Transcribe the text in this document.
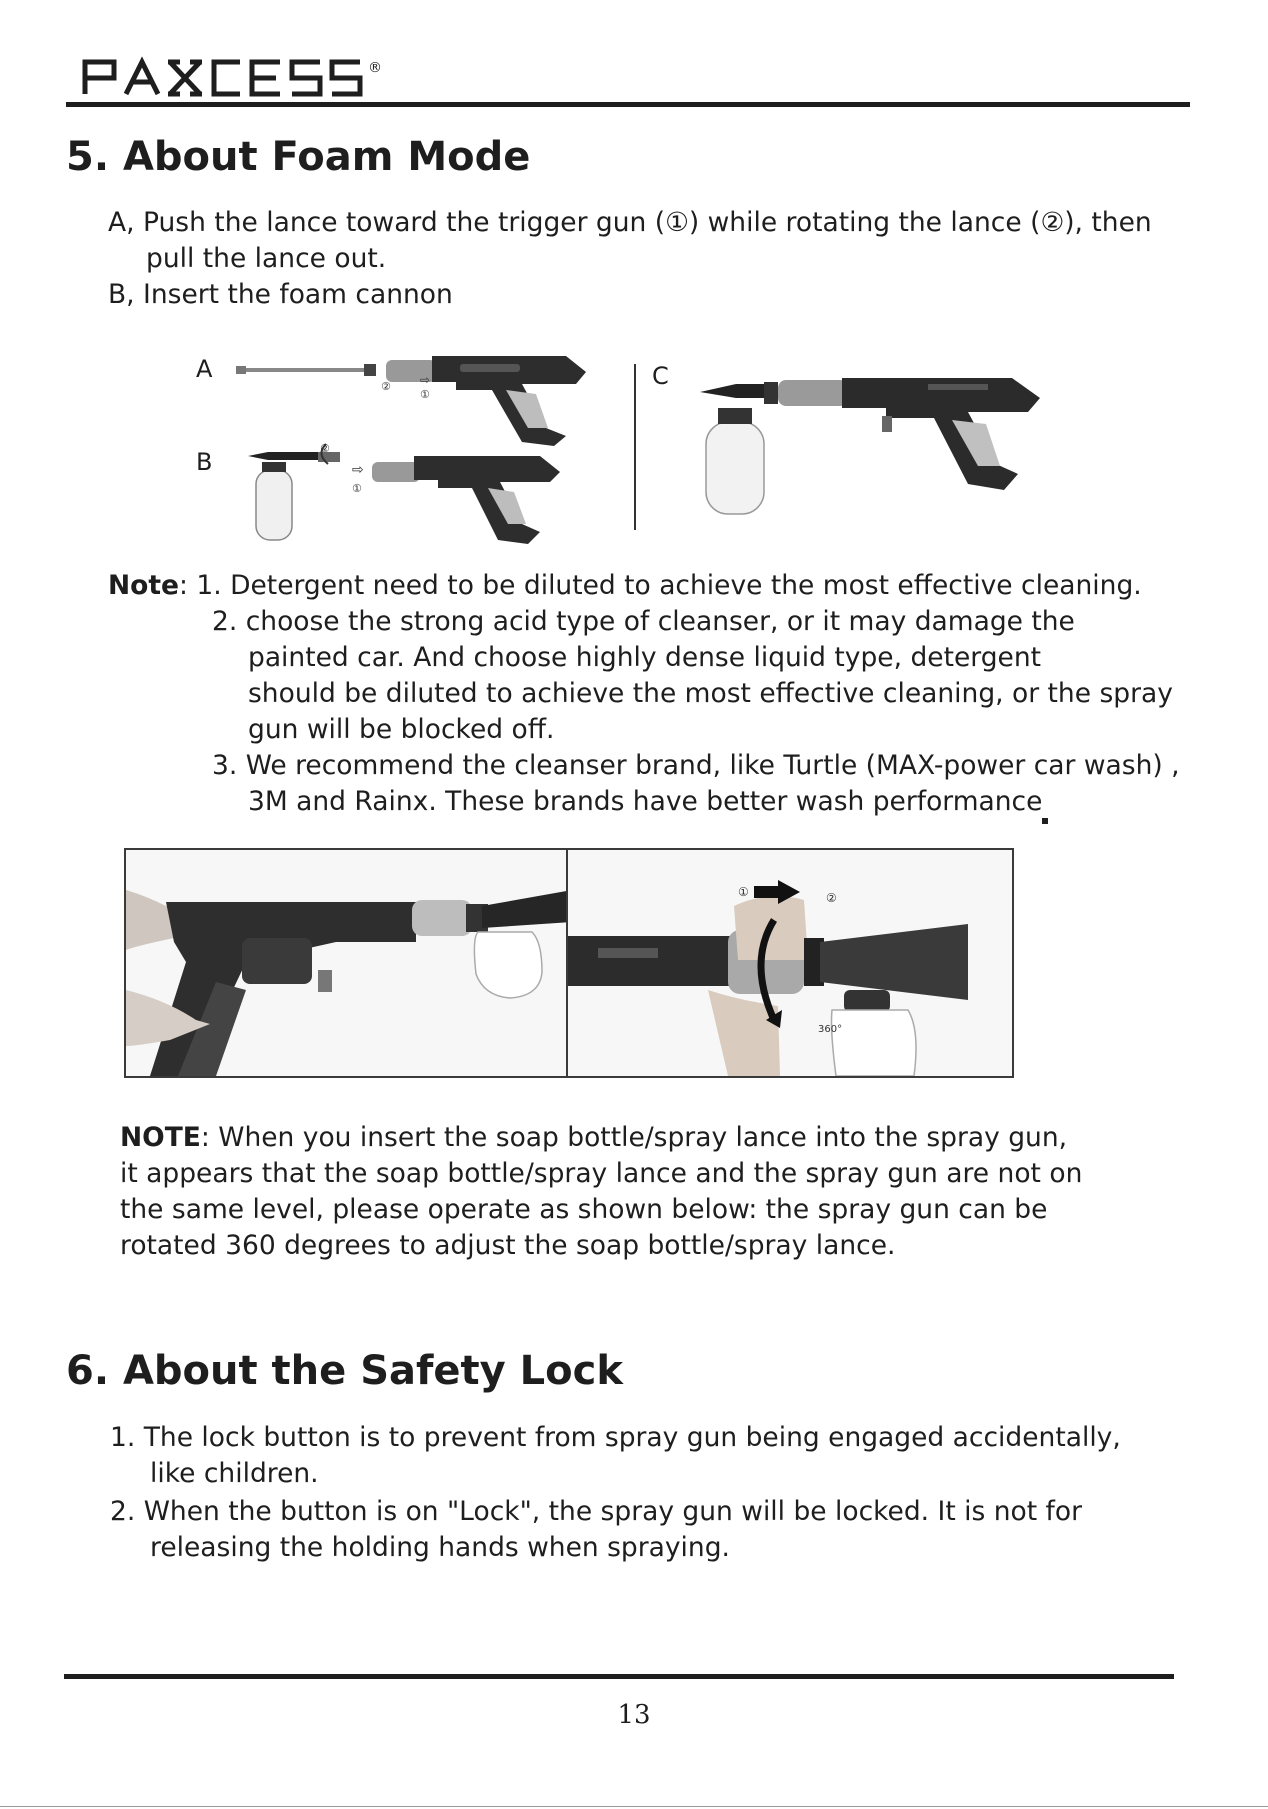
®
PAXCESS
5. About Foam Mode
A, Push the lance toward the trigger gun (①) while rotating the lance (②), then
pull the lance out.
B, Insert the foam cannon
A
B
C
② ⇨
①
②
⇨
①
Note: 1. Detergent need to be diluted to achieve the most effective cleaning.
2. choose the strong acid type of cleanser, or it may damage the
painted car. And choose highly dense liquid type, detergent
should be diluted to achieve the most effective cleaning, or the spray
gun will be blocked off.
3. We recommend the cleanser brand, like Turtle (MAX-power car wash) ,
3M and Rainx. These brands have better wash performance
①	②
360°
NOTE: When you insert the soap bottle/spray lance into the spray gun,
it appears that the soap bottle/spray lance and the spray gun are not on
the same level, please operate as shown below: the spray gun can be
rotated 360 degrees to adjust the soap bottle/spray lance.
6. About the Safety Lock
1. The lock button is to prevent from spray gun being engaged accidentally,
like children.
2. When the button is on "Lock", the spray gun will be locked. It is not for
releasing the holding hands when spraying.
13
